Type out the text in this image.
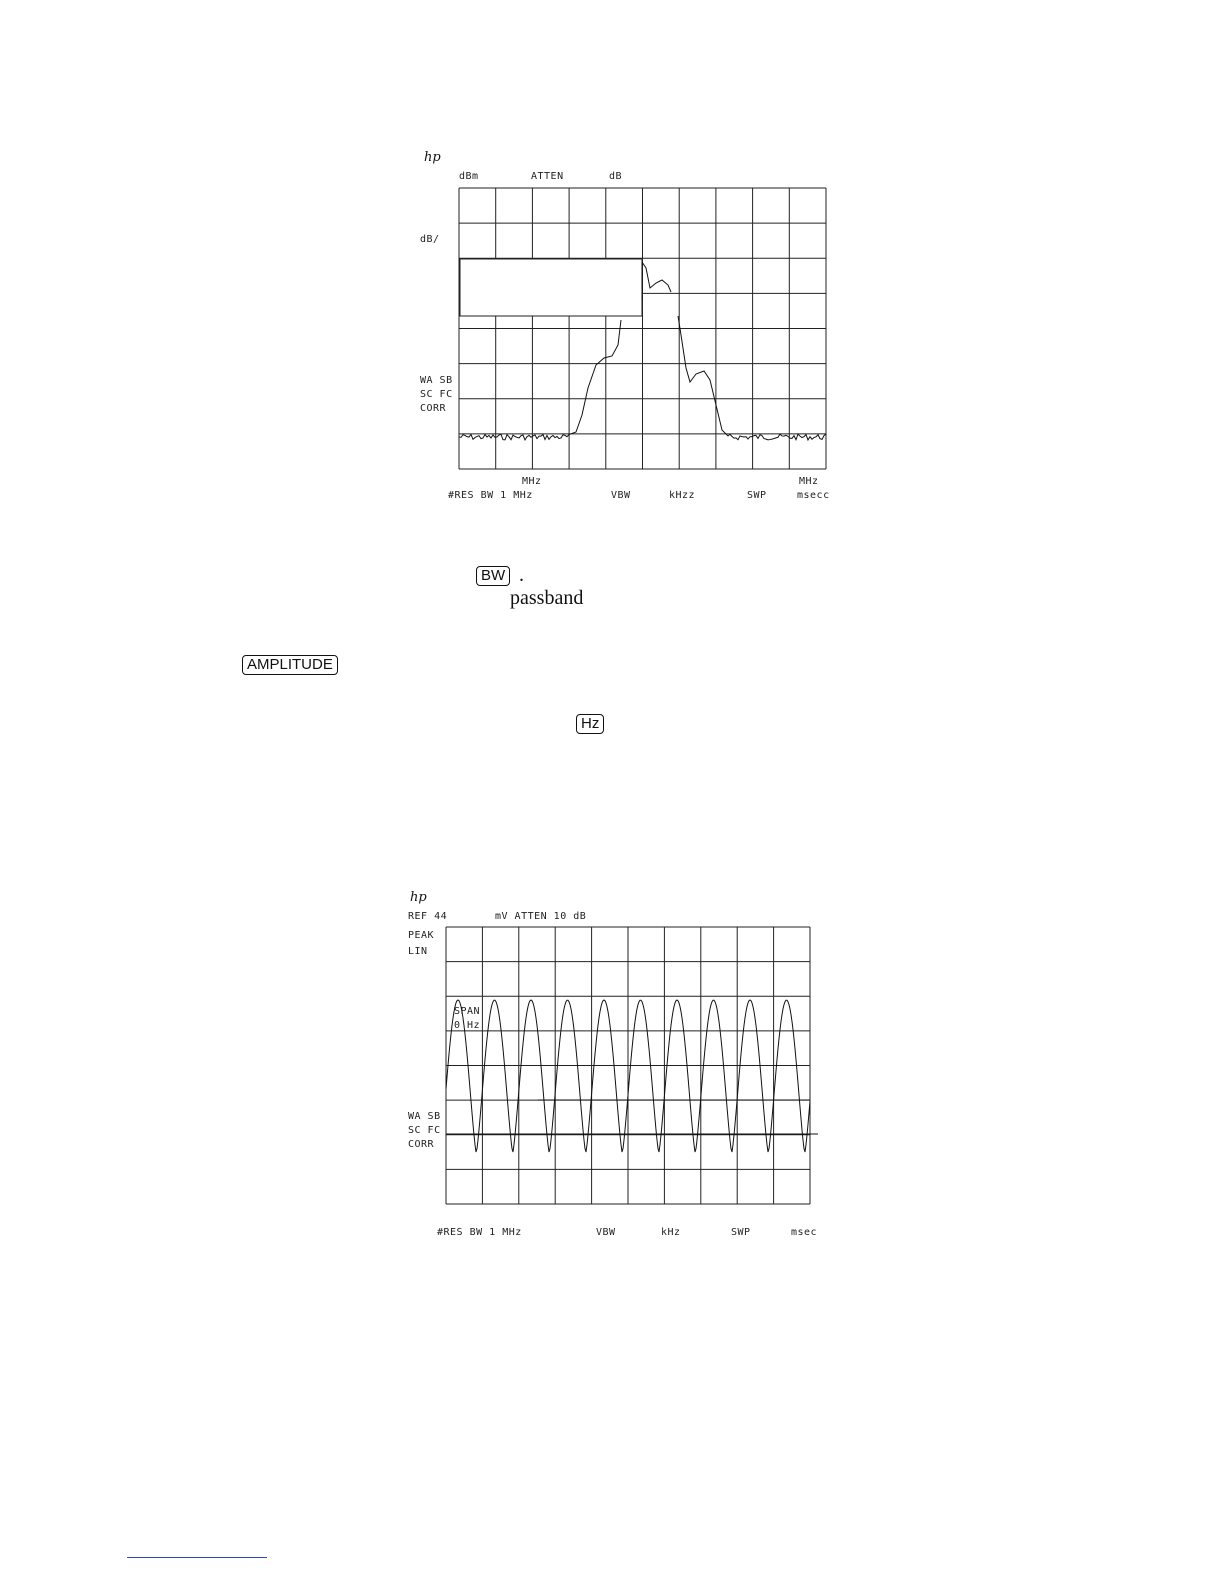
hp
dBm	ATTEN	dB
dB/
WA SB
SC FC
CORR
MHz	MHz
#RES BW 1 MHz	VBW	kHzz	SWP	msecc
BW .
passband
AMPLITUDE
Hz
hp
REF 44	mV ATTEN 10 dB
PEAK
LIN
SPAN
0 Hz
WA SB
SC FC
CORR
#RES BW 1 MHz	VBW	kHz	SWP	msec
